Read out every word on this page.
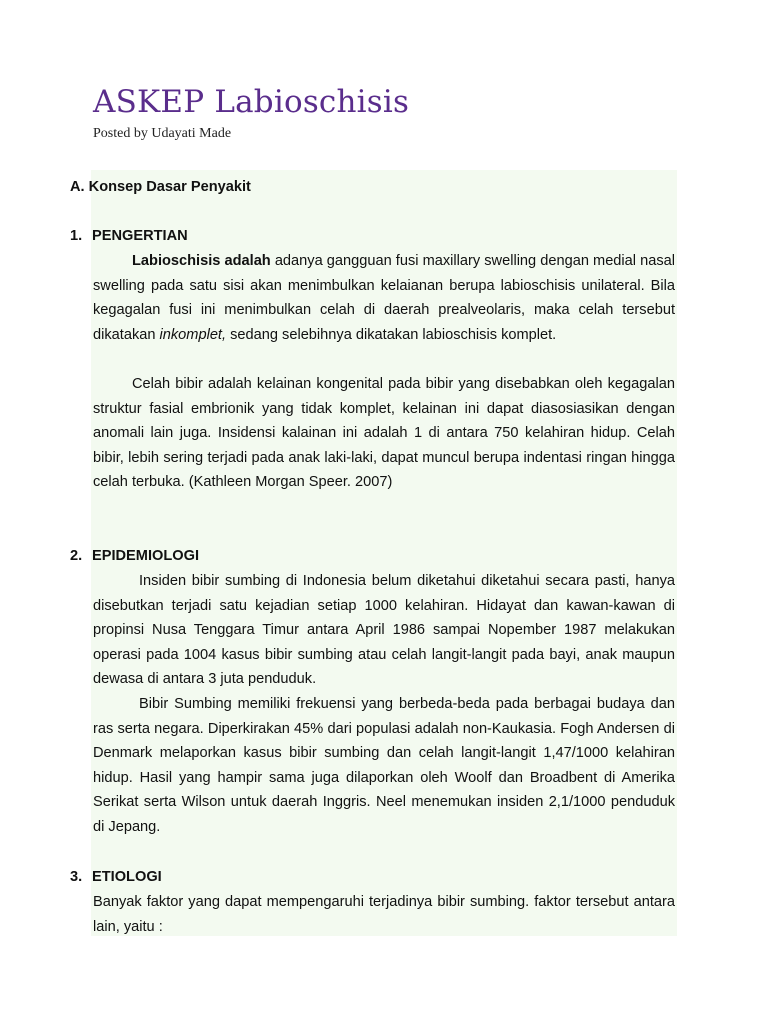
ASKEP Labioschisis
Posted by Udayati Made
A. Konsep Dasar Penyakit
1. PENGERTIAN

Labioschisis adalah adanya gangguan fusi maxillary swelling dengan medial nasal swelling pada satu sisi akan menimbulkan kelaianan berupa labioschisis unilateral. Bila kegagalan fusi ini menimbulkan celah di daerah prealveolaris, maka celah tersebut dikatakan inkomplet, sedang selebihnya dikatakan labioschisis komplet.

Celah bibir adalah kelainan kongenital pada bibir yang disebabkan oleh kegagalan struktur fasial embrionik yang tidak komplet, kelainan ini dapat diasosiasikan dengan anomali lain juga. Insidensi kalainan ini adalah 1 di antara 750 kelahiran hidup. Celah bibir, lebih sering terjadi pada anak laki-laki, dapat muncul berupa indentasi ringan hingga celah terbuka. (Kathleen Morgan Speer. 2007)

2. EPIDEMIOLOGI

Insiden bibir sumbing di Indonesia belum diketahui diketahui secara pasti, hanya disebutkan terjadi satu kejadian setiap 1000 kelahiran. Hidayat dan kawan-kawan di propinsi Nusa Tenggara Timur antara April 1986 sampai Nopember 1987 melakukan operasi pada 1004 kasus bibir sumbing atau celah langit-langit pada bayi, anak maupun dewasa di antara 3 juta penduduk.

Bibir Sumbing memiliki frekuensi yang berbeda-beda pada berbagai budaya dan ras serta negara. Diperkirakan 45% dari populasi adalah non-Kaukasia. Fogh Andersen di Denmark melaporkan kasus bibir sumbing dan celah langit-langit 1,47/1000 kelahiran hidup. Hasil yang hampir sama juga dilaporkan oleh Woolf dan Broadbent di Amerika Serikat serta Wilson untuk daerah Inggris. Neel menemukan insiden 2,1/1000 penduduk di Jepang.

3. ETIOLOGI

Banyak faktor yang dapat mempengaruhi terjadinya bibir sumbing. faktor tersebut antara lain, yaitu :
